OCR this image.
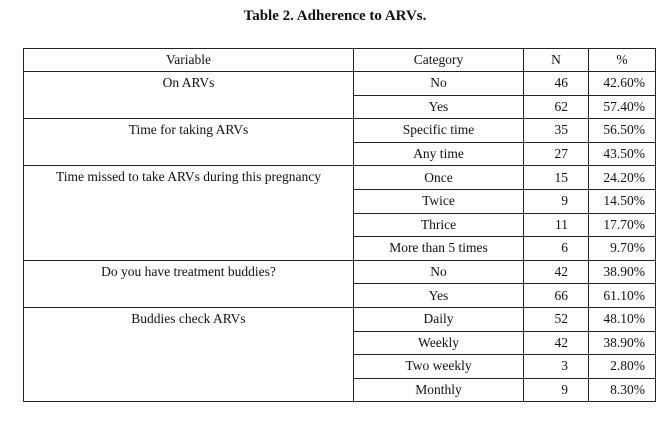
Table 2. Adherence to ARVs.
Variable	Category	N	%
On ARVs	No	46	42.60%
	Yes	62	57.40%
Time for taking ARVs	Specific time	35	56.50%
	Any time	27	43.50%
Time missed to take ARVs during this pregnancy	Once	15	24.20%
	Twice	9	14.50%
	Thrice	11	17.70%
	More than 5 times	6	9.70%
Do you have treatment buddies?	No	42	38.90%
	Yes	66	61.10%
Buddies check ARVs	Daily	52	48.10%
	Weekly	42	38.90%
	Two weekly	3	2.80%
	Monthly	9	8.30%
